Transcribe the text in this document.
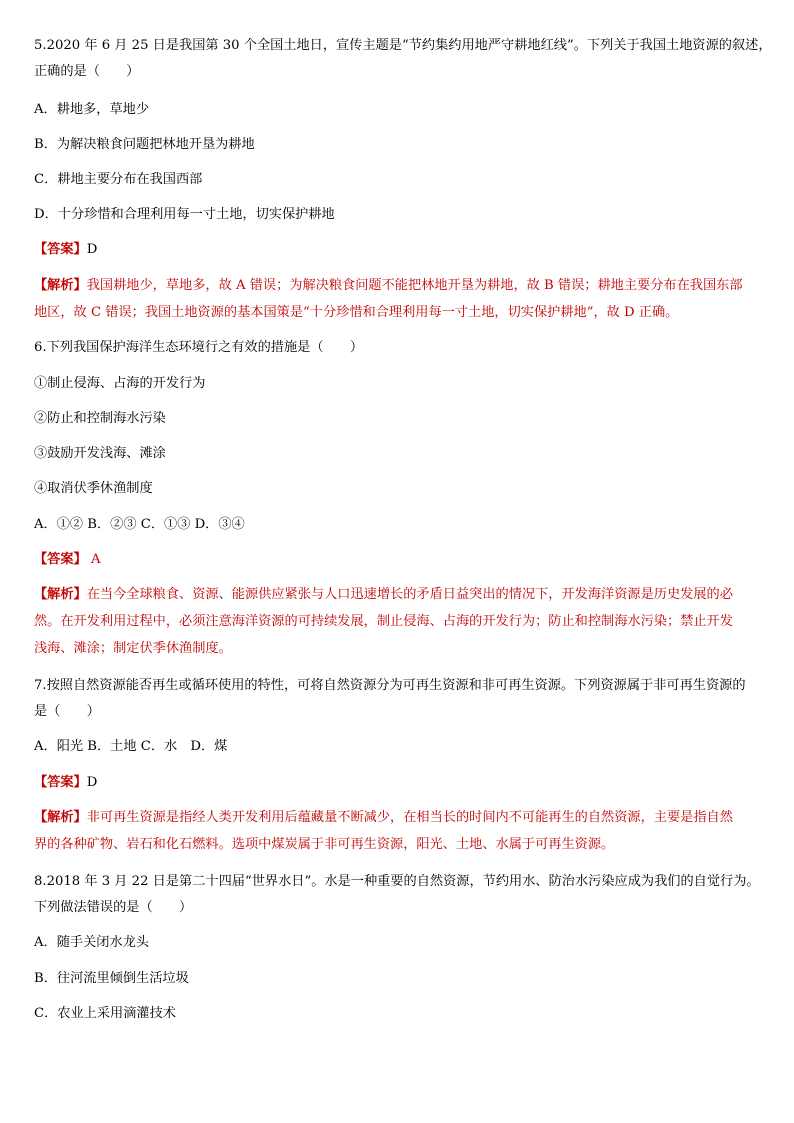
5.2020 年 6 月 25 日是我国第 30 个全国土地日，宣传主题是“节约集约用地严守耕地红线”。下列关于我国土地资源的叙述，
正确的是（　　）
A．耕地多，草地少
B．为解决粮食问题把林地开垦为耕地
C．耕地主要分布在我国西部
D．十分珍惜和合理利用每一寸土地，切实保护耕地
【答案】D
【解析】我国耕地少，草地多，故 A 错误；为解决粮食问题不能把林地开垦为耕地，故 B 错误；耕地主要分布在我国东部
地区，故 C 错误；我国土地资源的基本国策是“十分珍惜和合理利用每一寸土地，切实保护耕地”，故 D 正确。
6.下列我国保护海洋生态环境行之有效的措施是（　　）
①制止侵海、占海的开发行为
②防止和控制海水污染
③鼓励开发浅海、滩涂
④取消伏季休渔制度
A．①② B．②③ C．①③ D．③④
【答案】 A
【解析】在当今全球粮食、资源、能源供应紧张与人口迅速增长的矛盾日益突出的情况下，开发海洋资源是历史发展的必
然。在开发利用过程中，必须注意海洋资源的可持续发展，制止侵海、占海的开发行为；防止和控制海水污染；禁止开发
浅海、滩涂；制定伏季休渔制度。
7.按照自然资源能否再生或循环使用的特性，可将自然资源分为可再生资源和非可再生资源。下列资源属于非可再生资源的
是（　　）
A．阳光 B．土地 C．水　D．煤
【答案】D
【解析】非可再生资源是指经人类开发利用后蕴藏量不断减少，在相当长的时间内不可能再生的自然资源，主要是指自然
界的各种矿物、岩石和化石燃料。选项中煤炭属于非可再生资源，阳光、土地、水属于可再生资源。
8.2018 年 3 月 22 日是第二十四届“世界水日”。水是一种重要的自然资源，节约用水、防治水污染应成为我们的自觉行为。
下列做法错误的是（　　）
A．随手关闭水龙头
B．往河流里倾倒生活垃圾
C．农业上采用滴灌技术
